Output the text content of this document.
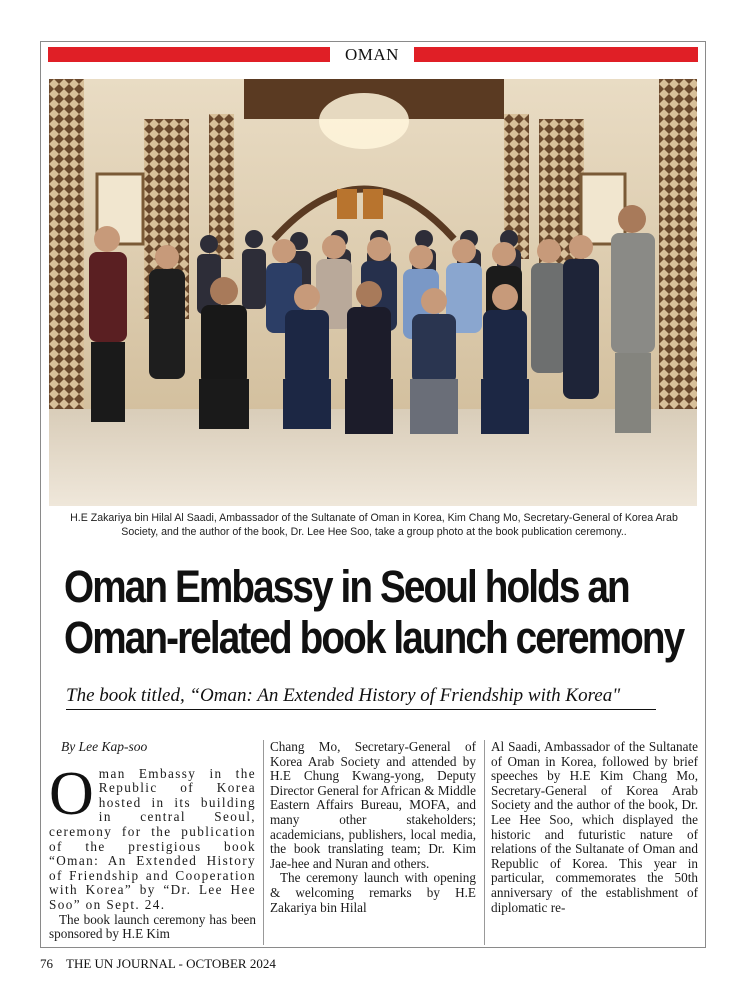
OMAN
H.E Zakariya bin Hilal Al Saadi, Ambassador of the Sultanate of Oman in Korea, Kim Chang Mo, Secretary-General of Korea Arab Society, and the author of the book, Dr. Lee Hee Soo, take a group photo at the book publication ceremony..
Oman Embassy in Seoul holds an
Oman-related book launch ceremony
The book titled, “Oman: An Extended History of Friendship with Korea"

By Lee Kap-soo

Oman Embassy in the Republic of Korea hosted in its building in central Seoul, ceremony for the publication of the prestigious book “Oman: An Extended History of Friendship and Cooperation with Korea” by “Dr. Lee Hee Soo” on Sept. 24.

The book launch ceremony has been sponsored by H.E Kim

Chang Mo, Secretary-General of Korea Arab Society and attended by H.E Chung Kwang-yong, Deputy Director General for African & Middle Eastern Affairs Bureau, MOFA, and many other stakeholders; academicians, publishers, local media, the book translating team; Dr. Kim Jae-hee and Nuran and others.

The ceremony launch with opening & welcoming remarks by H.E Zakariya bin Hilal

Al Saadi, Ambassador of the Sultanate of Oman in Korea, followed by brief speeches by H.E Kim Chang Mo, Secretary-General of Korea Arab Society and the author of the book, Dr. Lee Hee Soo, which displayed the historic and futuristic nature of relations of the Sultanate of Oman and Republic of Korea. This year in particular, commemorates the 50th anniversary of the establishment of diplomatic re-

76 THE UN JOURNAL - OCTOBER 2024
